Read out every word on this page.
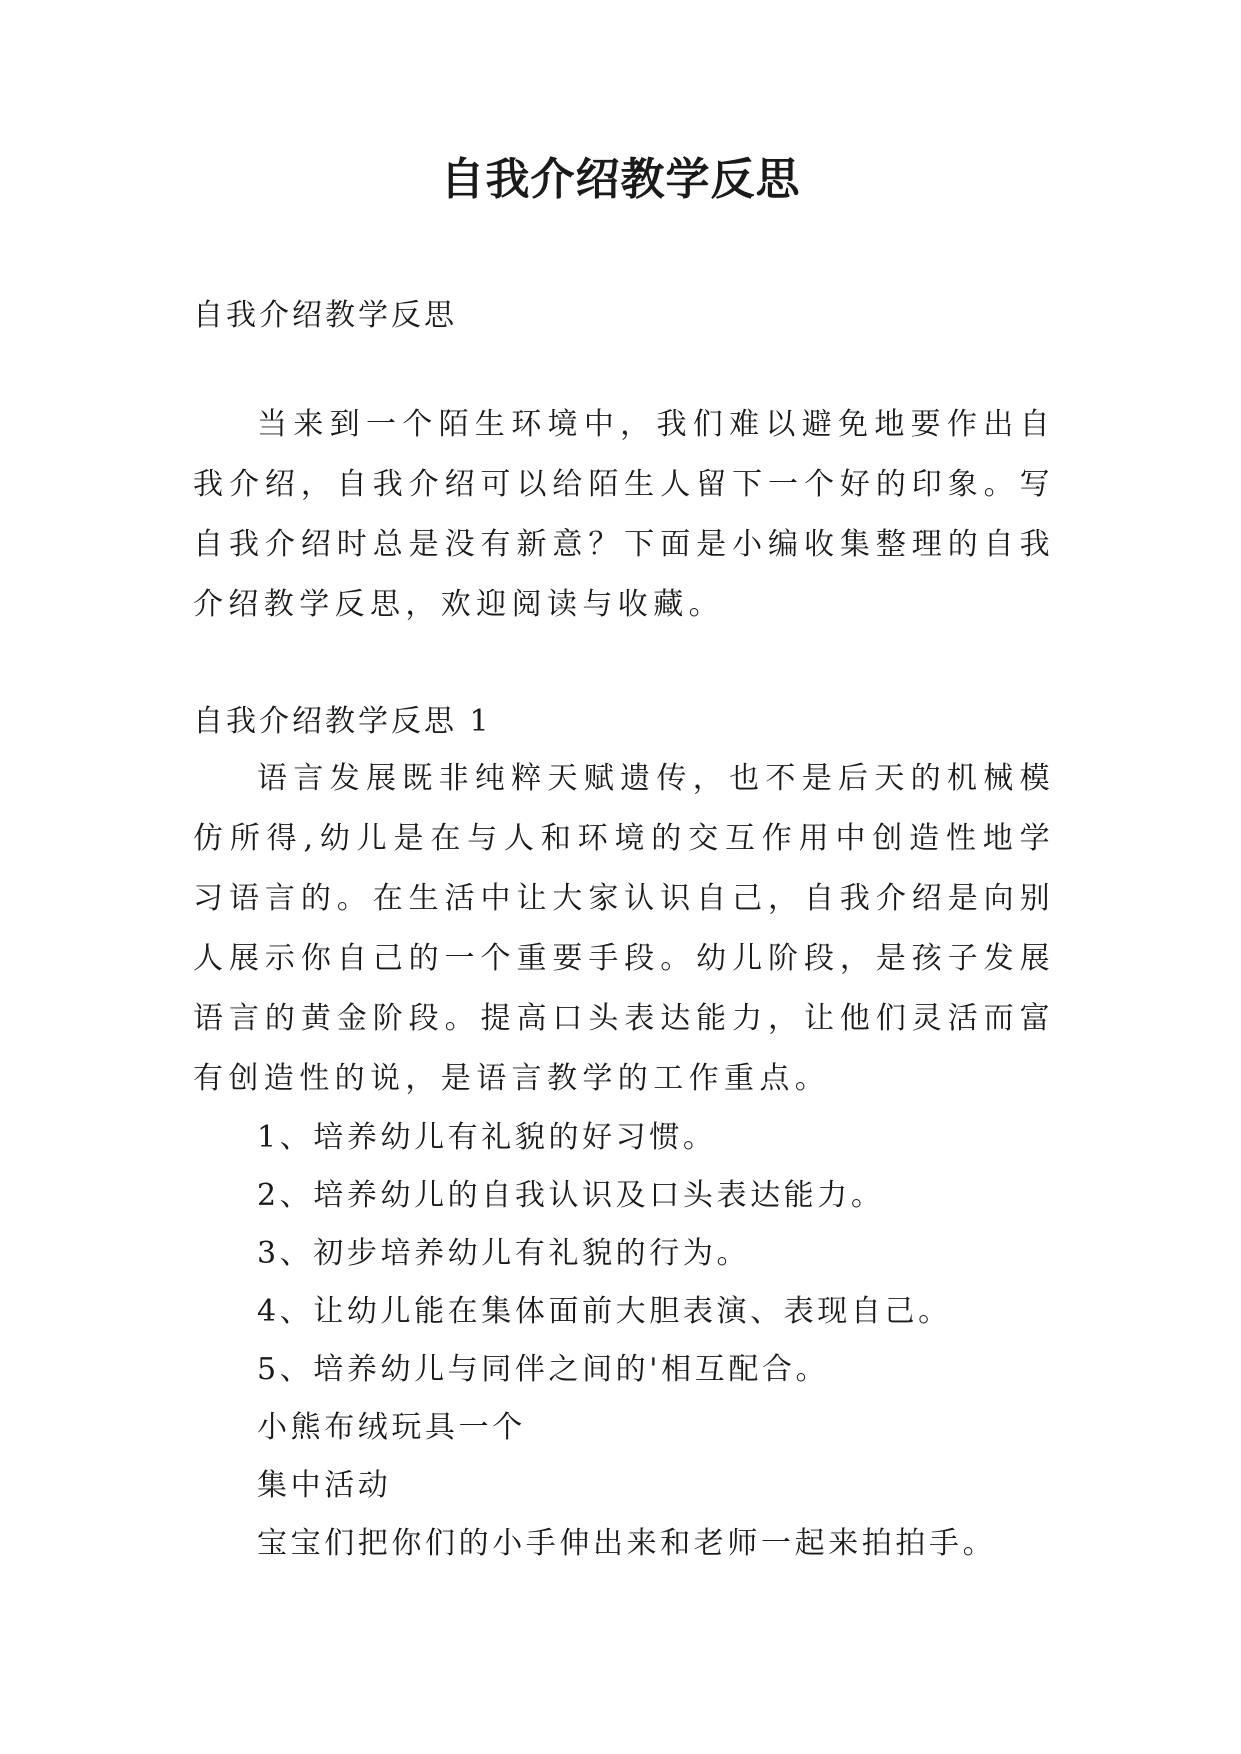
自我介绍教学反思

自我介绍教学反思

当来到一个陌生环境中，我们难以避免地要作出自我介绍，自我介绍可以给陌生人留下一个好的印象。写自我介绍时总是没有新意？下面是小编收集整理的自我介绍教学反思，欢迎阅读与收藏。

自我介绍教学反思 1

语言发展既非纯粹天赋遗传，也不是后天的机械模仿所得,幼儿是在与人和环境的交互作用中创造性地学习语言的。在生活中让大家认识自己，自我介绍是向别人展示你自己的一个重要手段。幼儿阶段，是孩子发展语言的黄金阶段。提高口头表达能力，让他们灵活而富有创造性的说，是语言教学的工作重点。

1、培养幼儿有礼貌的好习惯。

2、培养幼儿的自我认识及口头表达能力。

3、初步培养幼儿有礼貌的行为。

4、让幼儿能在集体面前大胆表演、表现自己。

5、培养幼儿与同伴之间的'相互配合。

小熊布绒玩具一个

集中活动

宝宝们把你们的小手伸出来和老师一起来拍拍手。
